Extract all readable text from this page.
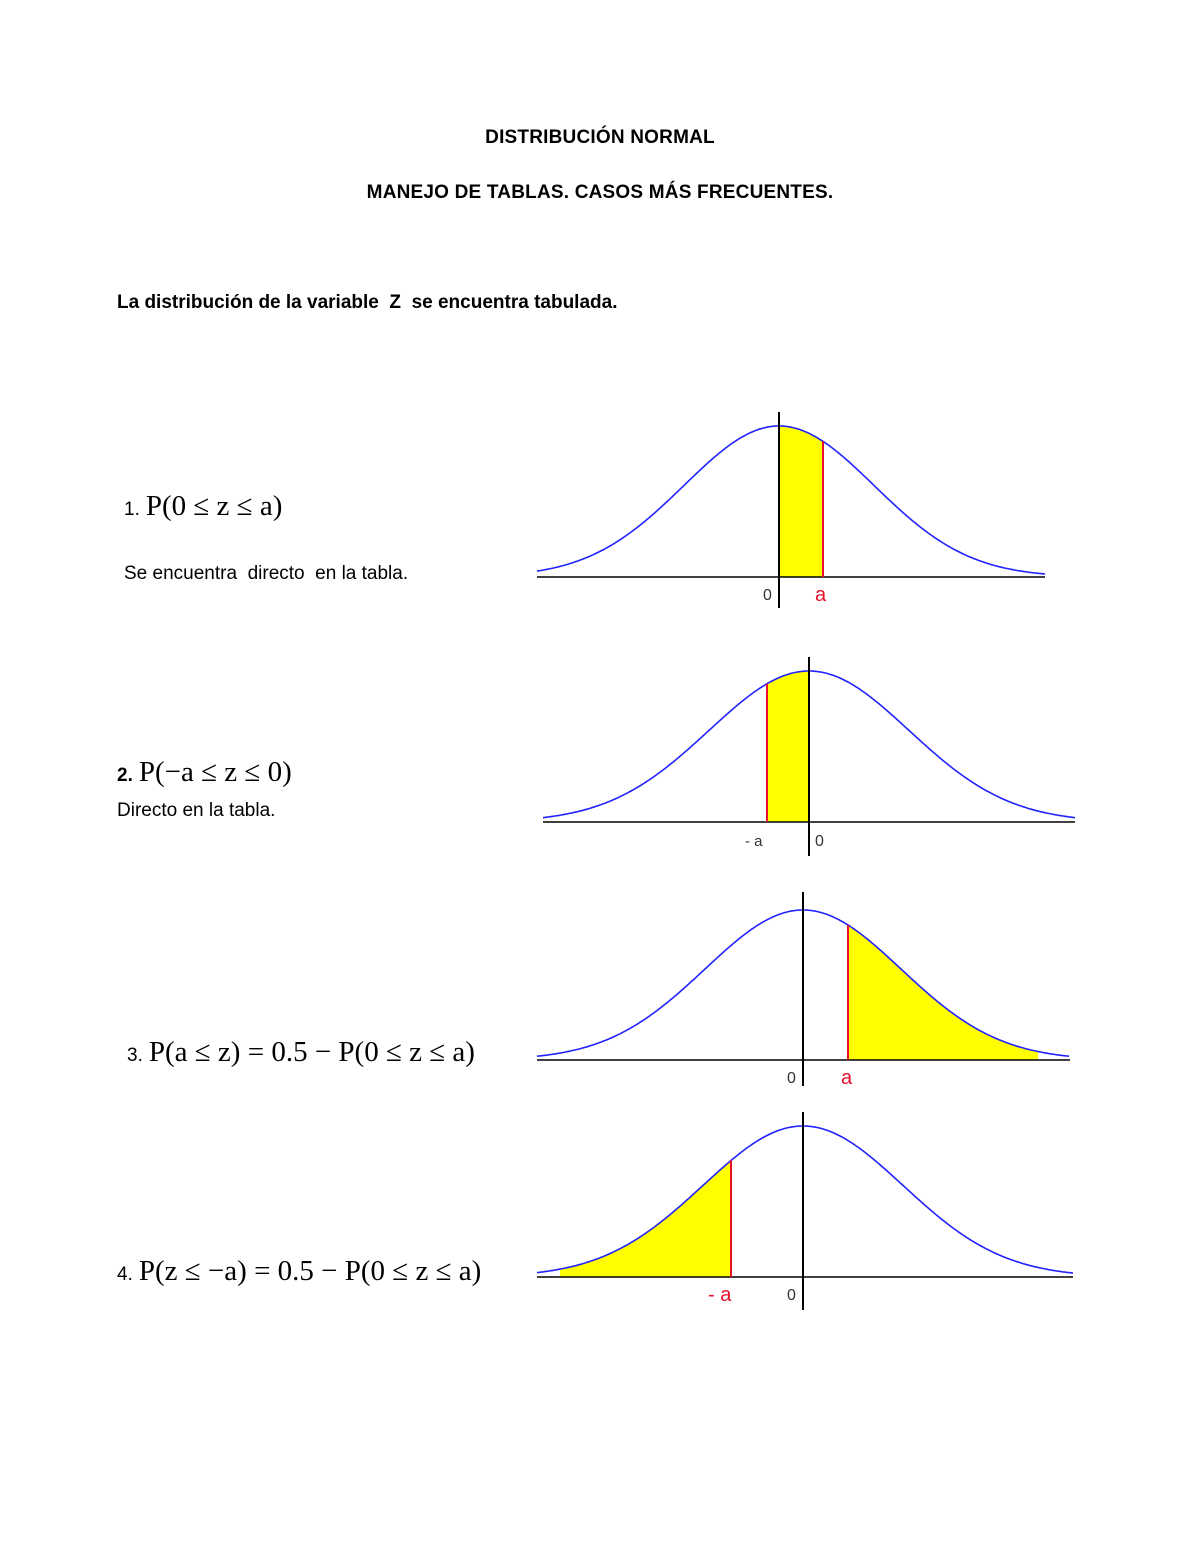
DISTRIBUCIÓN NORMAL
MANEJO DE TABLAS. CASOS MÁS FRECUENTES.
La distribución de la variable  Z  se encuentra tabulada.
1. P(0 ≤ z ≤ a)
Se encuentra  directo  en la tabla.
2. P(−a ≤ z ≤ 0)
Directo en la tabla.
3. P(a ≤ z) = 0.5 − P(0 ≤ z ≤ a)
4. P(z ≤ −a) = 0.5 − P(0 ≤ z ≤ a)
0 a
0
- a
0 a
0
- a
